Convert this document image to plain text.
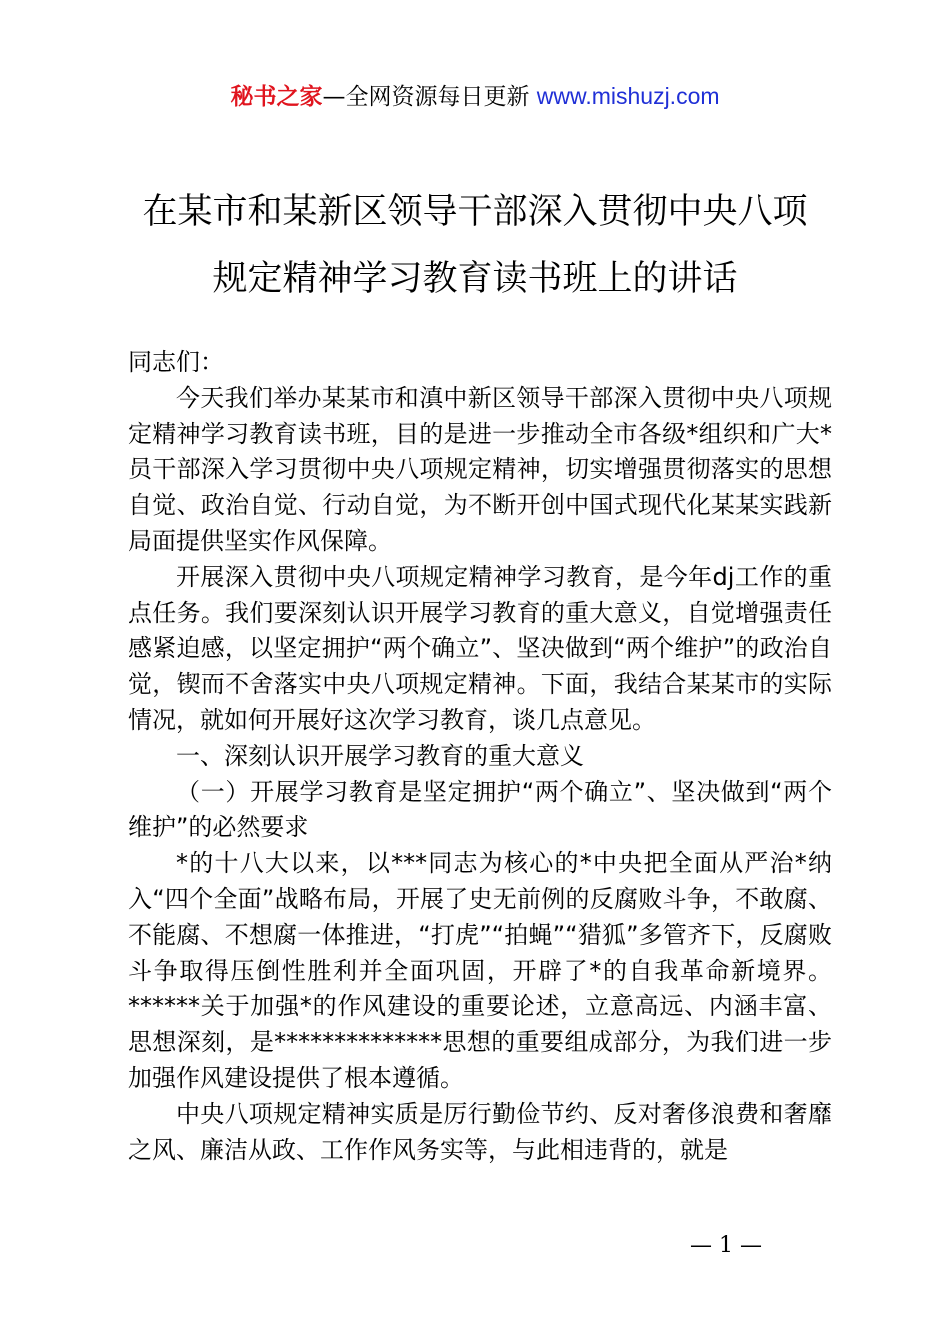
秘书之家—全网资源每日更新 www.mishuzj.com
在某市和某新区领导干部深入贯彻中央八项
规定精神学习教育读书班上的讲话

同志们：

今天我们举办某某市和滇中新区领导干部深入贯彻中央八项规定精神学习教育读书班，目的是进一步推动全市各级*组织和广大*员干部深入学习贯彻中央八项规定精神，切实增强贯彻落实的思想自觉、政治自觉、行动自觉，为不断开创中国式现代化某某实践新局面提供坚实作风保障。

开展深入贯彻中央八项规定精神学习教育，是今年dj工作的重点任务。我们要深刻认识开展学习教育的重大意义，自觉增强责任感紧迫感，以坚定拥护“两个确立”、坚决做到“两个维护”的政治自觉，锲而不舍落实中央八项规定精神。下面，我结合某某市的实际情况，就如何开展好这次学习教育，谈几点意见。

一、深刻认识开展学习教育的重大意义

（一）开展学习教育是坚定拥护“两个确立”、坚决做到“两个维护”的必然要求

*的十八大以来，以***同志为核心的*中央把全面从严治*纳入“四个全面”战略布局，开展了史无前例的反腐败斗争，不敢腐、不能腐、不想腐一体推进，“打虎”“拍蝇”“猎狐”多管齐下，反腐败斗争取得压倒性胜利并全面巩固，开辟了*的自我革命新境界。******关于加强*的作风建设的重要论述，立意高远、内涵丰富、思想深刻，是**************思想的重要组成部分，为我们进一步加强作风建设提供了根本遵循。

中央八项规定精神实质是厉行勤俭节约、反对奢侈浪费和奢靡之风、廉洁从政、工作作风务实等，与此相违背的，就是

— 1 —
